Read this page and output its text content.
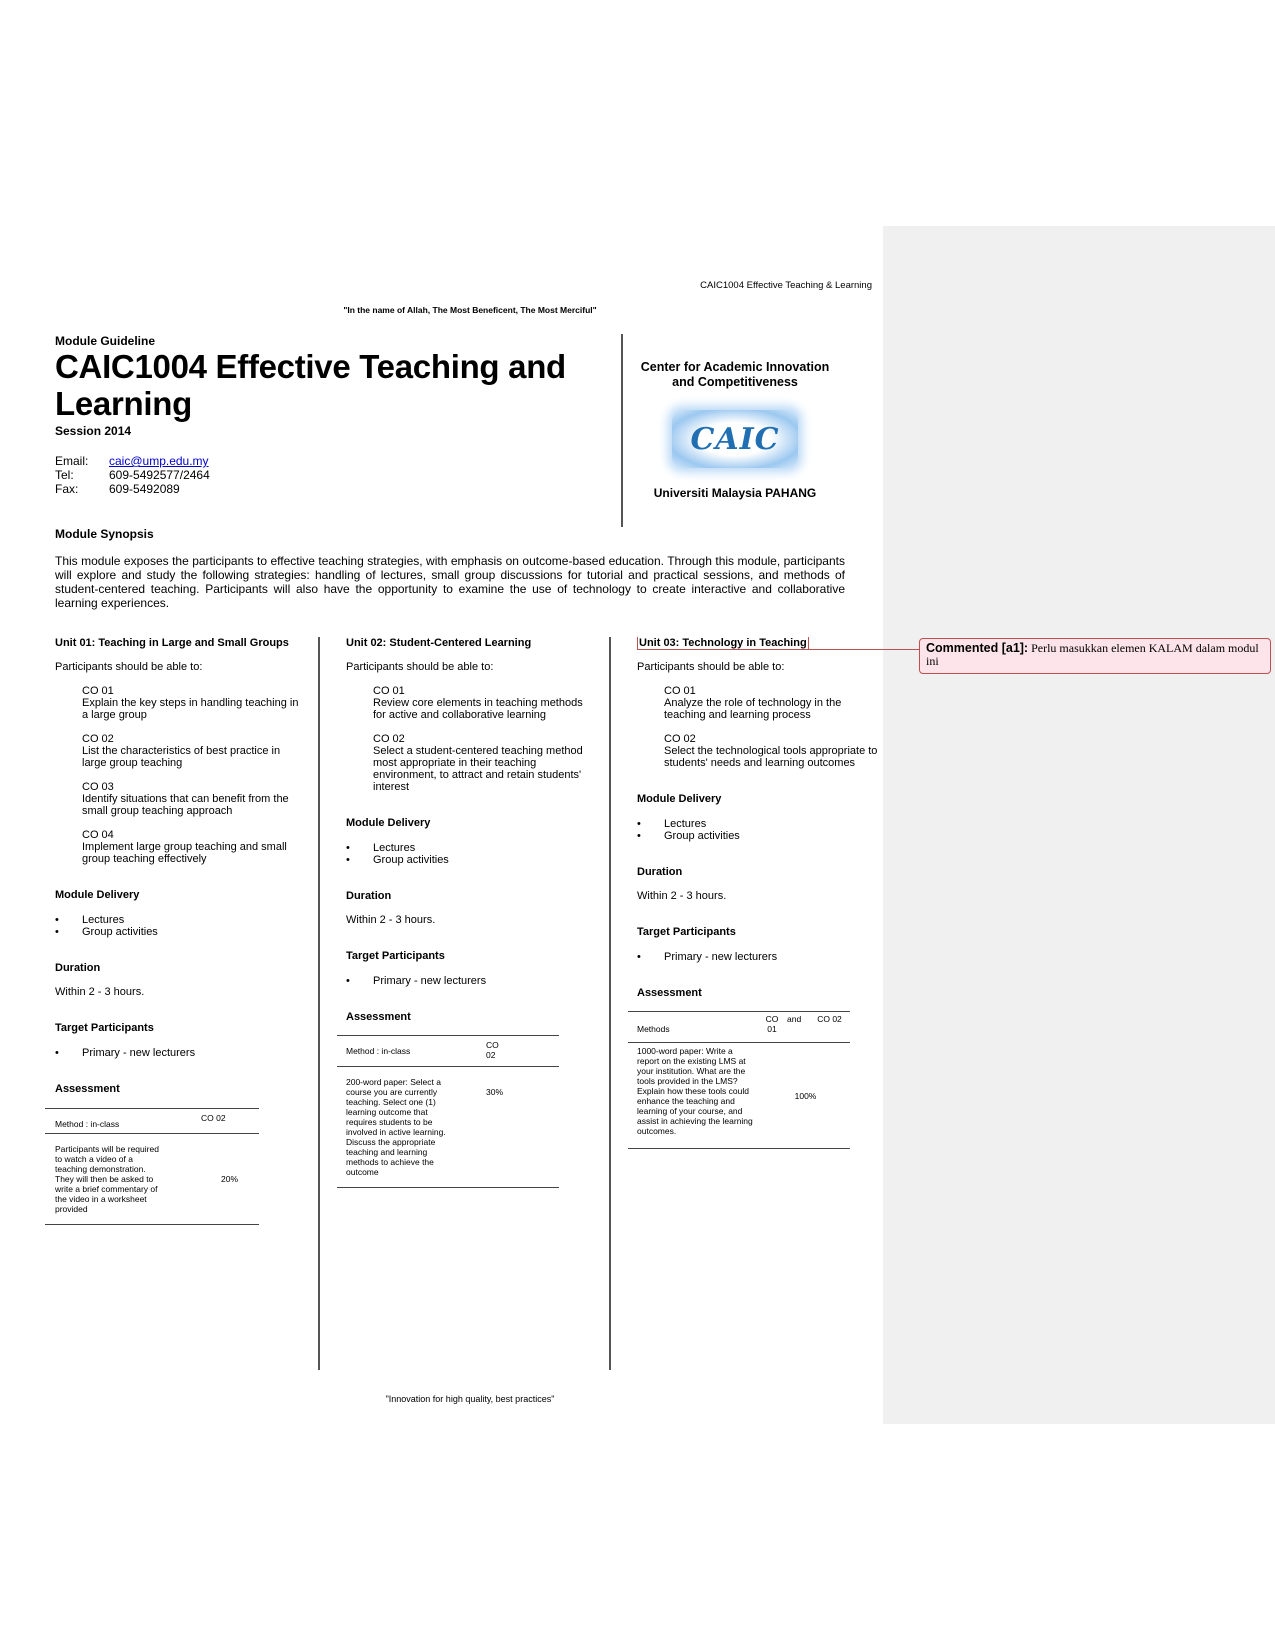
Commented [a1]: Perlu masukkan elemen KALAM dalam modul ini
CAIC1004 Effective Teaching & Learning
"In the name of Allah, The Most Beneficent, The Most Merciful"
Module Guideline
CAIC1004 Effective Teaching and Learning
Session 2014
Email:	caic@ump.edu.my
Tel:	609-5492577/2464
Fax:	609-5492089
Center for Academic Innovation and Competitiveness
CAIC
Universiti Malaysia PAHANG
Module Synopsis
This module exposes the participants to effective teaching strategies, with emphasis on outcome-based education. Through this module, participants will explore and study the following strategies: handling of lectures, small group discussions for tutorial and practical sessions, and methods of student-centered teaching. Participants will also have the opportunity to examine the use of technology to create interactive and collaborative learning experiences.
Unit 01: Teaching in Large and Small Groups
Participants should be able to:
CO 01
Explain the key steps in handling teaching in a large group
CO 02
List the characteristics of best practice in large group teaching
CO 03
Identify situations that can benefit from the small group teaching approach
CO 04
Implement large group teaching and small group teaching effectively
Module Delivery
• Lectures
• Group activities
Duration
Within 2 - 3 hours.
Target Participants
• Primary - new lecturers
Assessment
Method : in-class	CO 02

Participants will be required to watch a video of a teaching demonstration. They will then be asked to write a brief commentary of the video in a worksheet provided	20%
Unit 02: Student-Centered Learning
Participants should be able to:
CO 01
Review core elements in teaching methods for active and collaborative learning
CO 02
Select a student-centered teaching method most appropriate in their teaching environment, to attract and retain students' interest
Module Delivery
• Lectures
• Group activities
Duration
Within 2 - 3 hours.
Target Participants
• Primary - new lecturers
Assessment
Method : in-class	CO 02

200-word paper: Select a course you are currently teaching. Select one (1) learning outcome that requires students to be involved in active learning. Discuss the appropriate teaching and learning methods to achieve the outcome	30%
Unit 03: Technology in Teaching
Participants should be able to:
CO 01
Analyze the role of technology in the teaching and learning process
CO 02
Select the technological tools appropriate to students' needs and learning outcomes
Module Delivery
• Lectures
• Group activities
Duration
Within 2 - 3 hours.
Target Participants
• Primary - new lecturers
Assessment
Methods	CO 01	and	CO 02

1000-word paper: Write a report on the existing LMS at your institution. What are the tools provided in the LMS? Explain how these tools could enhance the teaching and learning of your course, and assist in achieving the learning outcomes.	100%		
"Innovation for high quality, best practices"
